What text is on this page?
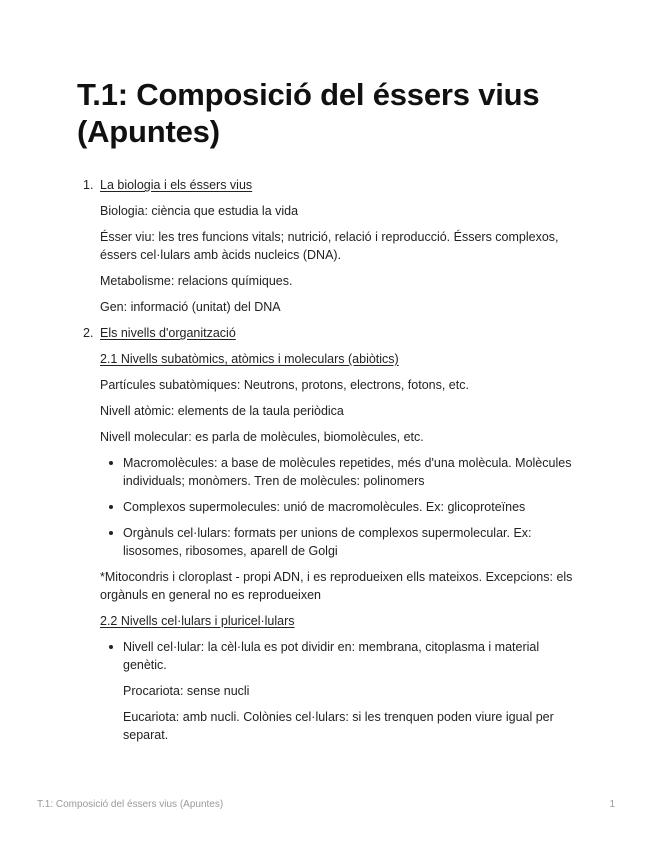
T.1: Composició del éssers vius (Apuntes)
1. La biologia i els éssers vius

Biologia: ciència que estudia la vida

Ésser viu: les tres funcions vitals; nutrició, relació i reproducció. Éssers complexos, éssers cel·lulars amb àcids nucleics (DNA).

Metabolisme: relacions químiques.

Gen: informació (unitat) del DNA

2. Els nivells d'organització
2.1 Nivells subatòmics, atòmics i moleculars (abiòtics)

Partícules subatòmiques: Neutrons, protons, electrons, fotons, etc.

Nivell atòmic: elements de la taula periòdica

Nivell molecular: es parla de molècules, biomolècules, etc.

Macromolècules: a base de molècules repetides, més d'una molècula. Molècules individuals; monòmers. Tren de molècules: polinomers
Complexos supermolecules: unió de macromolècules. Ex: glicoproteïnes
Orgànuls cel·lulars: formats per unions de complexos supermolecular. Ex: lisosomes, ribosomes, aparell de Golgi

*Mitocondris i cloroplast - propi ADN, i es reprodueixen ells mateixos. Excepcions: els orgànuls en general no es reprodueixen

2.2 Nivells cel·lulars i pluricel·lulars
Nivell cel·lular: la cèl·lula es pot dividir en: membrana, citoplasma i material genètic.

Procariota: sense nucli

Eucariota: amb nucli. Colònies cel·lulars: si les trenquen poden viure igual per separat.

T.1: Composició del éssers vius (Apuntes)	1
